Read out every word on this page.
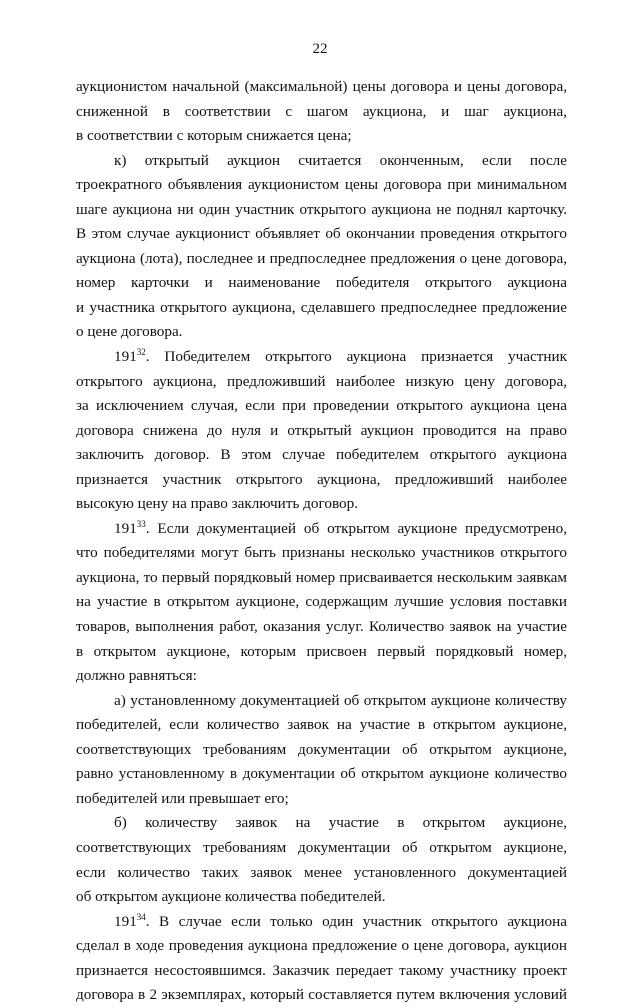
22
аукционистом начальной (максимальной) цены договора и цены договора,
сниженной в соответствии с шагом аукциона, и шаг аукциона,
в соответствии с которым снижается цена;
к) открытый аукцион считается оконченным, если после
троекратного объявления аукционистом цены договора при минимальном
шаге аукциона ни один участник открытого аукциона не поднял карточку.
В этом случае аукционист объявляет об окончании проведения открытого
аукциона (лота), последнее и предпоследнее предложения о цене договора,
номер карточки и наименование победителя открытого аукциона
и участника открытого аукциона, сделавшего предпоследнее предложение
о цене договора.
$191^{32}$. Победителем открытого аукциона признается участник
открытого аукциона, предложивший наиболее низкую цену договора,
за исключением случая, если при проведении открытого аукциона цена
договора снижена до нуля и открытый аукцион проводится на право
заключить договор. В этом случае победителем открытого аукциона
признается участник открытого аукциона, предложивший наиболее
высокую цену на право заключить договор.
$191^{33}$. Если документацией об открытом аукционе предусмотрено,
что победителями могут быть признаны несколько участников открытого
аукциона, то первый порядковый номер присваивается нескольким заявкам
на участие в открытом аукционе, содержащим лучшие условия поставки
товаров, выполнения работ, оказания услуг. Количество заявок на участие
в открытом аукционе, которым присвоен первый порядковый номер,
должно равняться:
а) установленному документацией об открытом аукционе количеству
победителей, если количество заявок на участие в открытом аукционе,
соответствующих требованиям документации об открытом аукционе,
равно установленному в документации об открытом аукционе количество
победителей или превышает его;
б) количеству заявок на участие в открытом аукционе,
соответствующих требованиям документации об открытом аукционе,
если количество таких заявок менее установленного документацией
об открытом аукционе количества победителей.
$191^{34}$. В случае если только один участник открытого аукциона
сделал в ходе проведения аукциона предложение о цене договора, аукцион
признается несостоявшимся. Заказчик передает такому участнику проект
договора в 2 экземплярах, который составляется путем включения условий
